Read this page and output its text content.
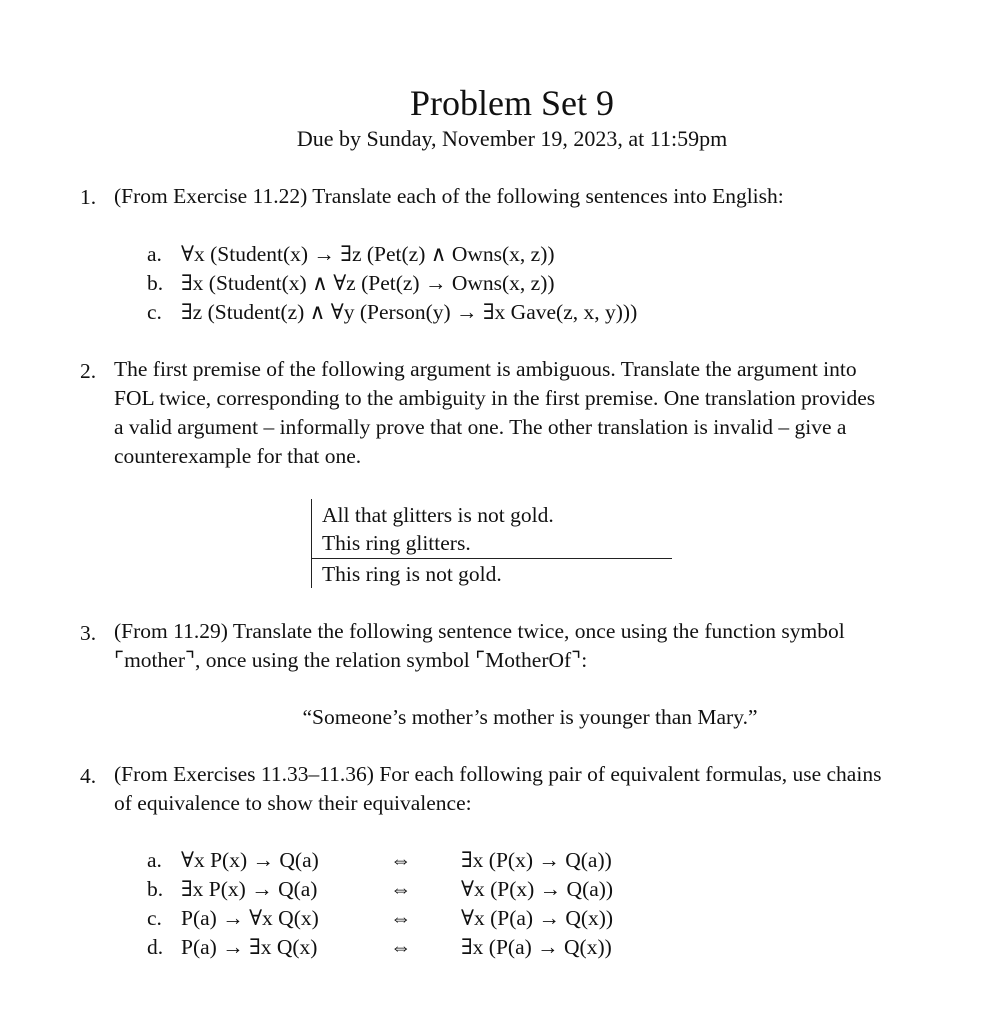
Problem Set 9
Due by Sunday, November 19, 2023, at 11:59pm
1. (From Exercise 11.22) Translate each of the following sentences into English:
a. ∀x (Student(x) → ∃z (Pet(z) ∧ Owns(x, z))
b. ∃x (Student(x) ∧ ∀z (Pet(z) → Owns(x, z))
c. ∃z (Student(z) ∧ ∀y (Person(y) → ∃x Gave(z, x, y)))
2. The first premise of the following argument is ambiguous. Translate the argument into
FOL twice, corresponding to the ambiguity in the first premise. One translation provides
a valid argument – informally prove that one. The other translation is invalid – give a
counterexample for that one.
All that glitters is not gold.
This ring glitters.
This ring is not gold.
3. (From 11.29) Translate the following sentence twice, once using the function symbol
⌜mother⌝, once using the relation symbol ⌜MotherOf⌝:
“Someone’s mother’s mother is younger than Mary.”
4. (From Exercises 11.33–11.36) For each following pair of equivalent formulas, use chains
of equivalence to show their equivalence:
a. ∀x P(x) → Q(a)	⇔ ∃x (P(x) → Q(a))
b. ∃x P(x) → Q(a)	⇔ ∀x (P(x) → Q(a))
c. P(a) → ∀x Q(x)	⇔ ∀x (P(a) → Q(x))
d. P(a) → ∃x Q(x)	⇔ ∃x (P(a) → Q(x))
